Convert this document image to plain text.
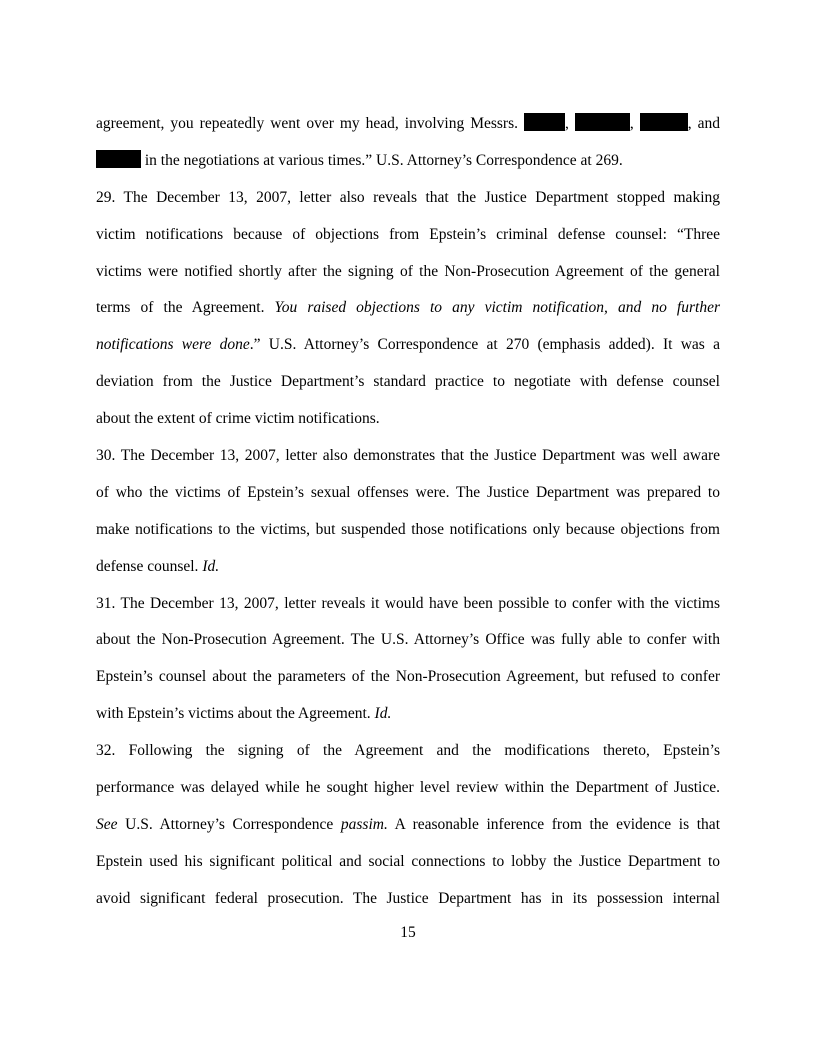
agreement, you repeatedly went over my head, involving Messrs.	,	,	, and
in the negotiations at various times.” U.S. Attorney’s Correspondence at 269.
29. The December 13, 2007, letter also reveals that the Justice Department stopped making
victim notifications because of objections from Epstein’s criminal defense counsel: “Three
victims were notified shortly after the signing of the Non-Prosecution Agreement of the general
terms of the Agreement. You raised objections to any victim notification, and no further
notifications were done.” U.S. Attorney’s Correspondence at 270 (emphasis added). It was a
deviation from the Justice Department’s standard practice to negotiate with defense counsel
about the extent of crime victim notifications.
30. The December 13, 2007, letter also demonstrates that the Justice Department was well aware
of who the victims of Epstein’s sexual offenses were. The Justice Department was prepared to
make notifications to the victims, but suspended those notifications only because objections from
defense counsel. Id.
31. The December 13, 2007, letter reveals it would have been possible to confer with the victims
about the Non-Prosecution Agreement. The U.S. Attorney’s Office was fully able to confer with
Epstein’s counsel about the parameters of the Non-Prosecution Agreement, but refused to confer
with Epstein’s victims about the Agreement. Id.
32. Following the signing of the Agreement and the modifications thereto, Epstein’s
performance was delayed while he sought higher level review within the Department of Justice.
See U.S. Attorney’s Correspondence passim. A reasonable inference from the evidence is that
Epstein used his significant political and social connections to lobby the Justice Department to
avoid significant federal prosecution. The Justice Department has in its possession internal
15
